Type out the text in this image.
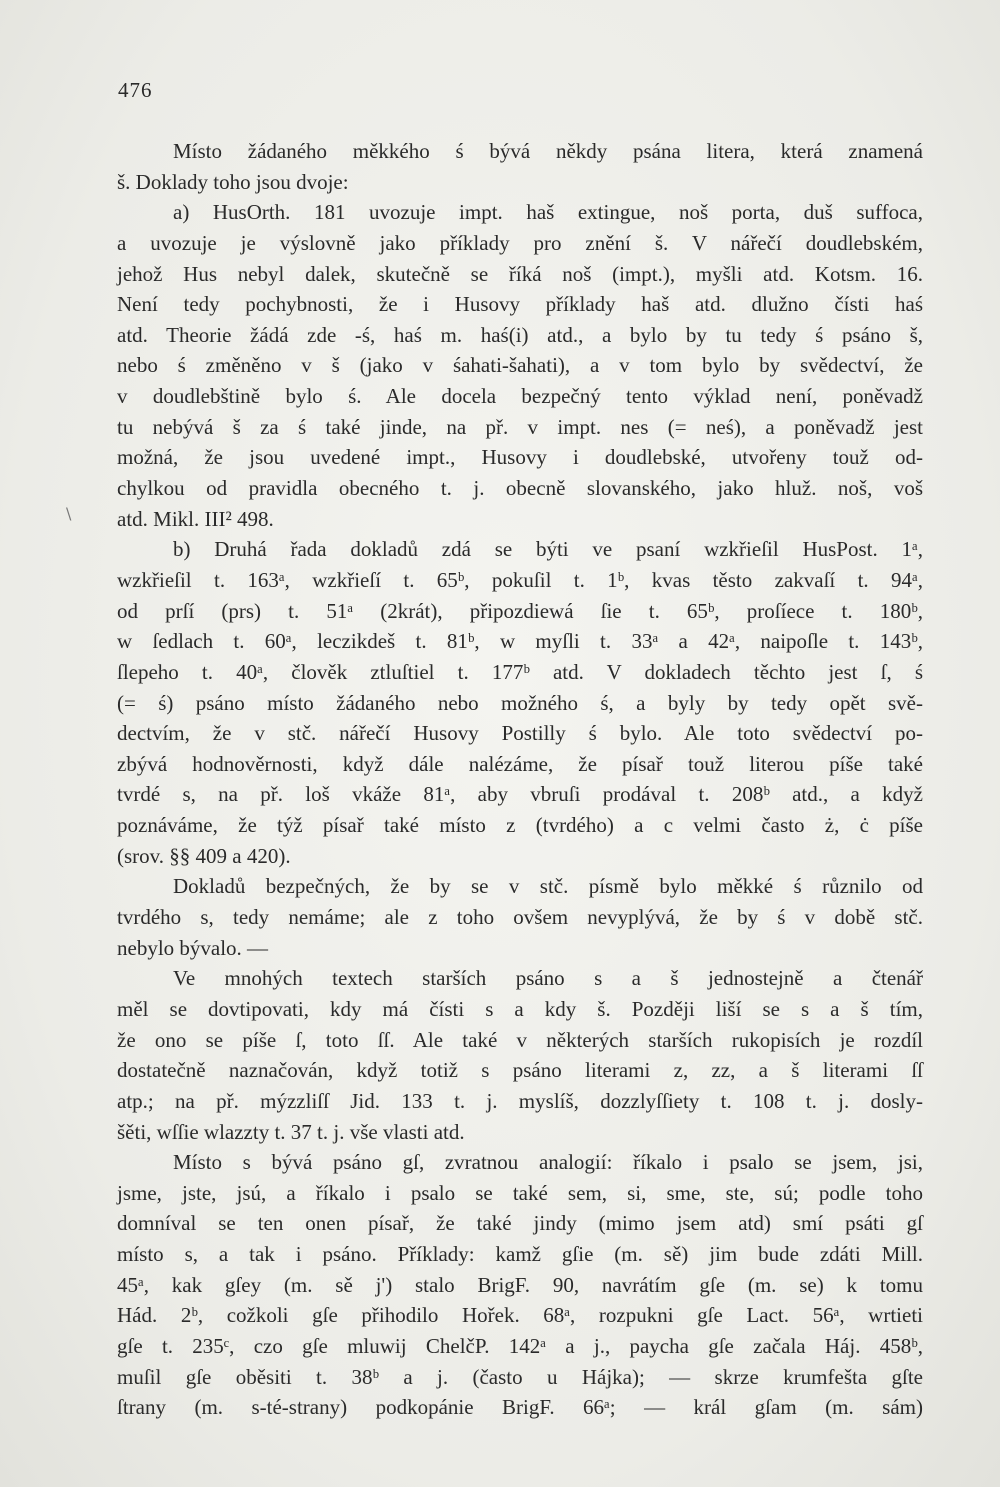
476
\
Místo žádaného měkkého ś bývá někdy psána litera, která znamená
š. Doklady toho jsou dvoje:
a) HusOrth. 181 uvozuje impt. haš extingue, noš porta, duš suffoca,
a uvozuje je výslovně jako příklady pro znění š. V nářečí doudlebském,
jehož Hus nebyl dalek, skutečně se říká noš (impt.), myšli atd. Kotsm. 16.
Není tedy pochybnosti, že i Husovy příklady haš atd. dlužno čísti haś
atd. Theorie žádá zde -ś, haś m. haś(i) atd., a bylo by tu tedy ś psáno š,
nebo ś změněno v š (jako v śahati-šahati), a v tom bylo by svědectví, že
v doudlebštině bylo ś. Ale docela bezpečný tento výklad není, poněvadž
tu nebývá š za ś také jinde, na př. v impt. nes (= neś), a poněvadž jest
možná, že jsou uvedené impt., Husovy i doudlebské, utvořeny touž od-
chylkou od pravidla obecného t. j. obecně slovanského, jako hluž. noš, voš
atd. Mikl. III² 498.
b) Druhá řada dokladů zdá se býti ve psaní wzkřieſil HusPost. 1ᵃ,
wzkřieſil t. 163ᵃ, wzkřieſí t. 65ᵇ, pokuſil t. 1ᵇ, kvas těsto zakvaſí t. 94ᵃ,
od prſí (prs) t. 51ᵃ (2krát), připozdiewá ſie t. 65ᵇ, proſíece t. 180ᵇ,
w ſedlach t. 60ᵃ, leczikdeš t. 81ᵇ, w myſli t. 33ᵃ a 42ᵃ, naipoſle t. 143ᵇ,
ſlepeho t. 40ᵃ, člověk ztluſtiel t. 177ᵇ atd. V dokladech těchto jest ſ, ś
(= ś) psáno místo žádaného nebo možného ś, a byly by tedy opět svě-
dectvím, že v stč. nářečí Husovy Postilly ś bylo. Ale toto svědectví po-
zbývá hodnověrnosti, když dále nalézáme, že písař touž literou píše také
tvrdé s, na př. loš vkáže 81ᵃ, aby vbruſi prodával t. 208ᵇ atd., a když
poznáváme, že týž písař také místo z (tvrdého) a c velmi často ż, ċ píše
(srov. §§ 409 a 420).
Dokladů bezpečných, že by se v stč. písmě bylo měkké ś různilo od
tvrdého s, tedy nemáme; ale z toho ovšem nevyplývá, že by ś v době stč.
nebylo bývalo. —
Ve mnohých textech starších psáno s a š jednostejně a čtenář
měl se dovtipovati, kdy má čísti s a kdy š. Později liší se s a š tím,
že ono se píše ſ, toto ſſ. Ale také v některých starších rukopisích je rozdíl
dostatečně naznačován, když totiž s psáno literami z, zz, a š literami ſſ
atp.; na př. mýzzliſſ Jid. 133 t. j. myslíš, dozzlyſſiety t. 108 t. j. dosly-
šěti, wſſie wlazzty t. 37 t. j. vše vlasti atd.
Místo s bývá psáno gſ, zvratnou analogií: říkalo i psalo se jsem, jsi,
jsme, jste, jsú, a říkalo i psalo se také sem, si, sme, ste, sú; podle toho
domníval se ten onen písař, že také jindy (mimo jsem atd) smí psáti gſ
místo s, a tak i psáno. Příklady: kamž gſie (m. sě) jim bude zdáti Mill.
45ᵃ, kak gſey (m. sě j') stalo BrigF. 90, navrátím gſe (m. se) k tomu
Hád. 2ᵇ, cožkoli gſe přihodilo Hořek. 68ᵃ, rozpukni gſe Lact. 56ᵃ, wrtieti
gſe t. 235ᶜ, czo gſe mluwij ChelčP. 142ᵃ a j., paycha gſe začala Háj. 458ᵇ,
muſil gſe oběsiti t. 38ᵇ a j. (často u Hájka); — skrze krumfešta gſte
ſtrany (m. s-té-strany) podkopánie BrigF. 66ᵃ; — král gſam (m. sám)
